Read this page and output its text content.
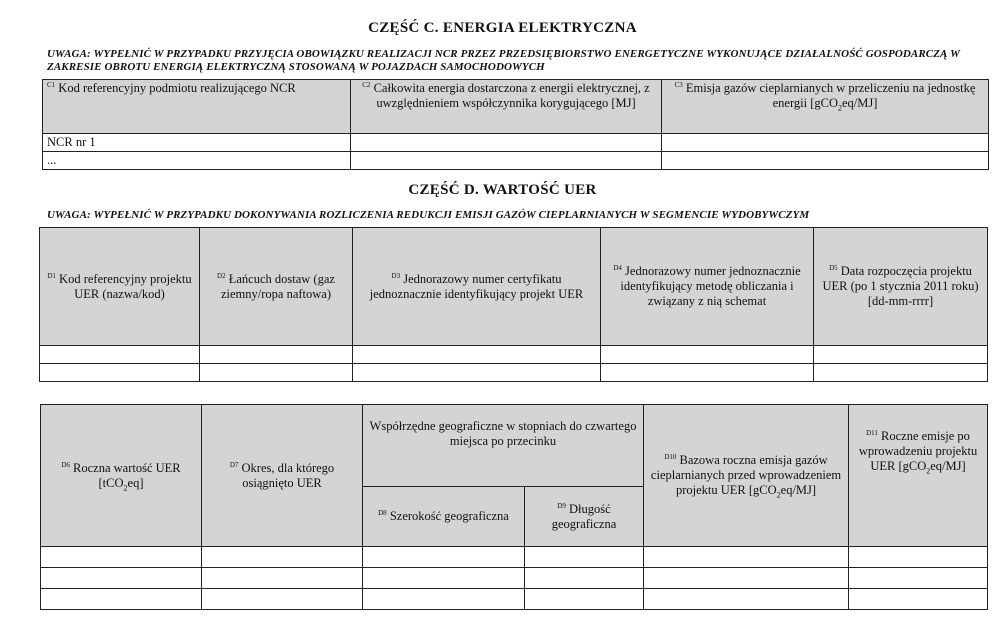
CZĘŚĆ C. ENERGIA ELEKTRYCZNA
UWAGA: WYPEŁNIĆ W PRZYPADKU PRZYJĘCIA OBOWIĄZKU REALIZACJI NCR PRZEZ PRZEDSIĘBIORSTWO ENERGETYCZNE WYKONUJĄCE DZIAŁALNOŚĆ GOSPODARCZĄ W ZAKRESIE OBROTU ENERGIĄ ELEKTRYCZNĄ STOSOWANĄ W POJAZDACH SAMOCHODOWYCH
$^{C1}$ Kod referencyjny podmiotu realizującego NCR	$^{C2}$ Całkowita energia dostarczona z energii elektrycznej, z uwzględnieniem współczynnika korygującego [MJ]	$^{C3}$ Emisja gazów cieplarnianych w przeliczeniu na jednostkę energii [gCO$_2$eq/MJ]
NCR nr 1		
...		
CZĘŚĆ D. WARTOŚĆ UER
UWAGA: WYPEŁNIĆ W PRZYPADKU DOKONYWANIA ROZLICZENIA REDUKCJI EMISJI GAZÓW CIEPLARNIANYCH W SEGMENCIE WYDOBYWCZYM
$^{D1}$ Kod referencyjny projektu UER (nazwa/kod)	$^{D2}$ Łańcuch dostaw (gaz ziemny/ropa naftowa)	$^{D3}$ Jednorazowy numer certyfikatu jednoznacznie identyfikujący projekt UER	$^{D4}$ Jednorazowy numer jednoznacznie identyfikujący metodę obliczania i związany z nią schemat	$^{D5}$ Data rozpoczęcia projektu UER (po 1 stycznia 2011 roku) [dd-mm-rrrr]

$^{D6}$ Roczna wartość UER [tCO$_2$eq]	$^{D7}$ Okres, dla którego osiągnięto UER	Współrzędne geograficzne w stopniach do czwartego miejsca po przecinku		$^{D10}$ Bazowa roczna emisja gazów cieplarnianych przed wprowadzeniem projektu UER [gCO$_2$eq/MJ]	$^{D11}$ Roczne emisje po wprowadzeniu projektu UER [gCO$_2$eq/MJ]
		$^{D8}$ Szerokość geograficzna	$^{D9}$ Długość geograficzna		
